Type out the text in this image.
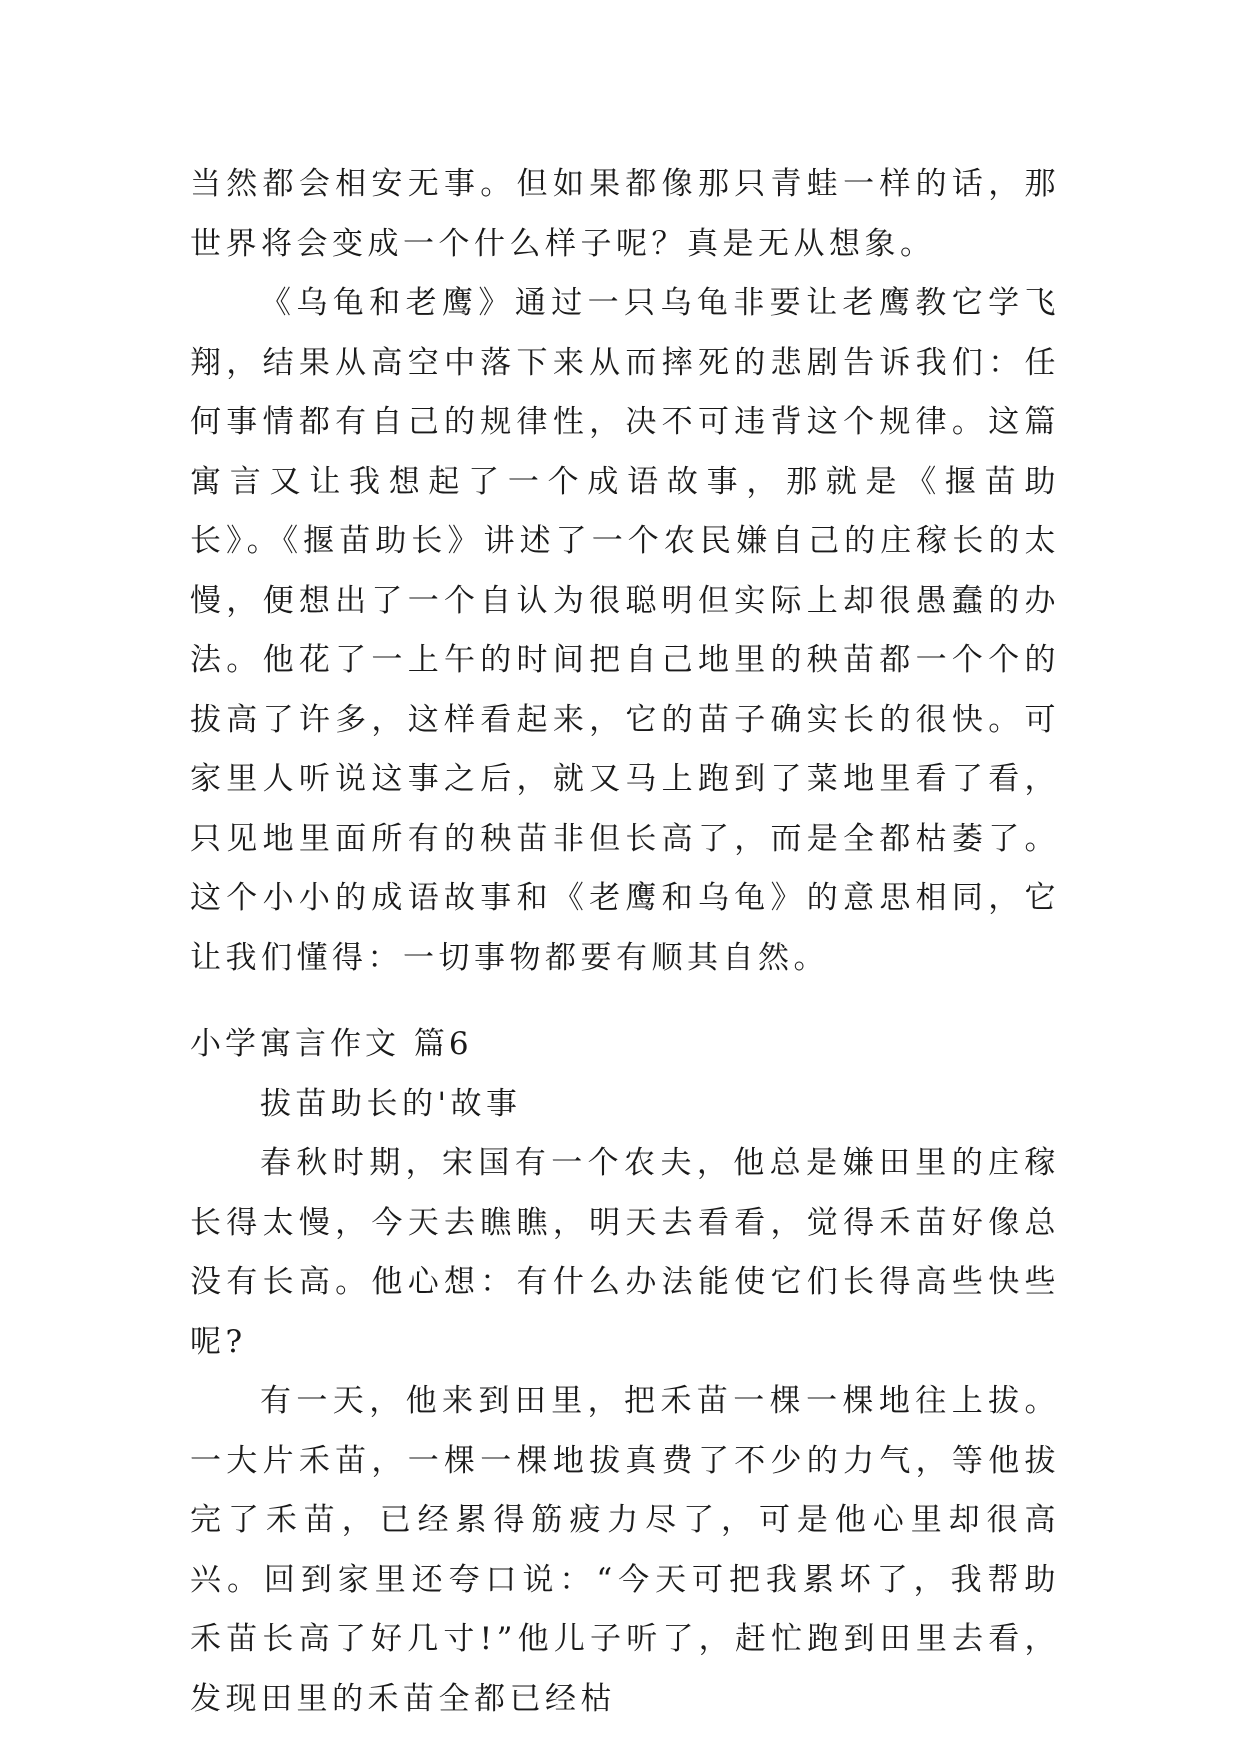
当然都会相安无事。但如果都像那只青蛙一样的话，那世界将会变成一个什么样子呢？真是无从想象。

《乌龟和老鹰》通过一只乌龟非要让老鹰教它学飞翔，结果从高空中落下来从而摔死的悲剧告诉我们：任何事情都有自己的规律性，决不可违背这个规律。这篇寓言又让我想起了一个成语故事，那就是《揠苗助长》。《揠苗助长》讲述了一个农民嫌自己的庄稼长的太慢，便想出了一个自认为很聪明但实际上却很愚蠢的办法。他花了一上午的时间把自己地里的秧苗都一个个的拔高了许多，这样看起来，它的苗子确实长的很快。可家里人听说这事之后，就又马上跑到了菜地里看了看，只见地里面所有的秧苗非但长高了，而是全都枯萎了。这个小小的成语故事和《老鹰和乌龟》的意思相同，它让我们懂得：一切事物都要有顺其自然。

小学寓言作文 篇6

拔苗助长的'故事

春秋时期，宋国有一个农夫，他总是嫌田里的庄稼长得太慢，今天去瞧瞧，明天去看看，觉得禾苗好像总没有长高。他心想：有什么办法能使它们长得高些快些呢?

有一天，他来到田里，把禾苗一棵一棵地往上拔。一大片禾苗，一棵一棵地拔真费了不少的力气，等他拔完了禾苗，已经累得筋疲力尽了，可是他心里却很高兴。回到家里还夸口说：“今天可把我累坏了，我帮助禾苗长高了好几寸!”他儿子听了，赶忙跑到田里去看，发现田里的禾苗全都已经枯
